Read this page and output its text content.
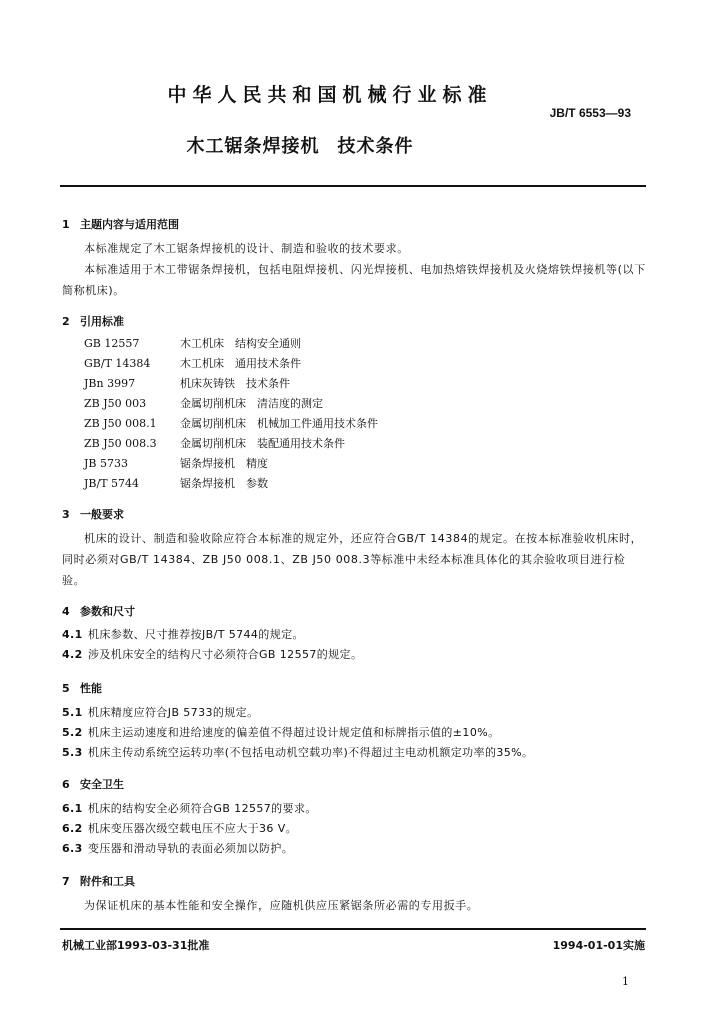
中华人民共和国机械行业标准
JB/T 6553—93
木工锯条焊接机 技术条件
1 主题内容与适用范围
本标准规定了木工锯条焊接机的设计、制造和验收的技术要求。
本标准适用于木工带锯条焊接机，包括电阻焊接机、闪光焊接机、电加热熔铁焊接机及火烧熔铁焊接机等(以下简称机床)。
2 引用标准
GB 12557	木工机床　结构安全通则
GB/T 14384	木工机床　通用技术条件
JBn 3997	机床灰铸铁　技术条件
ZB J50 003	金属切削机床　清洁度的测定
ZB J50 008.1	金属切削机床　机械加工件通用技术条件
ZB J50 008.3	金属切削机床　装配通用技术条件
JB 5733	锯条焊接机　精度
JB/T 5744	锯条焊接机　参数
3 一般要求
机床的设计、制造和验收除应符合本标准的规定外，还应符合GB/T 14384的规定。在按本标准验收机床时，同时必须对GB/T 14384、ZB J50 008.1、ZB J50 008.3等标准中未经本标准具体化的其余验收项目进行检验。
4 参数和尺寸
4.1 机床参数、尺寸推荐按JB/T 5744的规定。
4.2 涉及机床安全的结构尺寸必须符合GB 12557的规定。
5 性能
5.1 机床精度应符合JB 5733的规定。
5.2 机床主运动速度和进给速度的偏差值不得超过设计规定值和标牌指示值的±10%。
5.3 机床主传动系统空运转功率(不包括电动机空载功率)不得超过主电动机额定功率的35%。
6 安全卫生
6.1 机床的结构安全必须符合GB 12557的要求。
6.2 机床变压器次级空载电压不应大于36 V。
6.3 变压器和滑动导轨的表面必须加以防护。
7 附件和工具
为保证机床的基本性能和安全操作，应随机供应压紧锯条所必需的专用扳手。
机械工业部1993-03-31批准	1994-01-01实施
1
